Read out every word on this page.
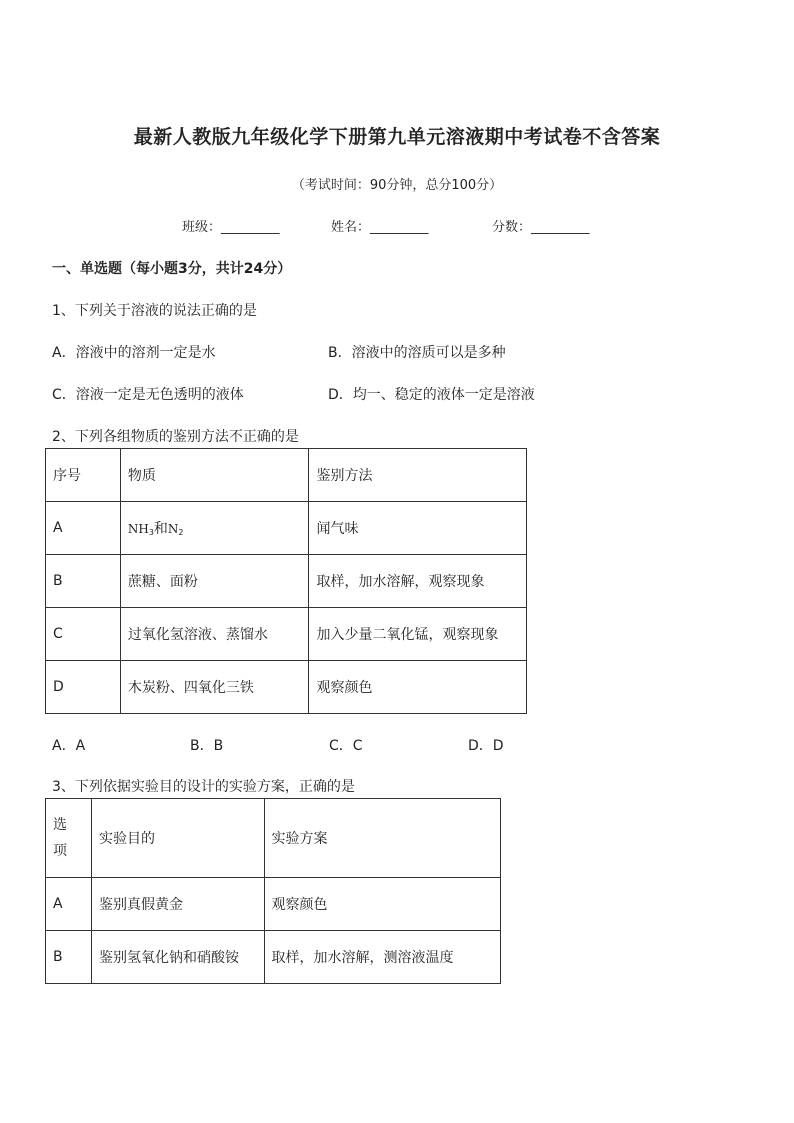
最新人教版九年级化学下册第九单元溶液期中考试卷不含答案
（考试时间：90分钟，总分100分）
班级：_________	姓名：_________	分数：_________
一、单选题（每小题3分，共计24分）
1、下列关于溶液的说法正确的是
A．溶液中的溶剂一定是水	B．溶液中的溶质可以是多种
C．溶液一定是无色透明的液体	D．均一、稳定的液体一定是溶液
2、下列各组物质的鉴别方法不正确的是
序号	物质	鉴别方法
A	$NH_3$和$N_2$	闻气味
B	蔗糖、面粉	取样，加水溶解，观察现象
C	过氧化氢溶液、蒸馏水	加入少量二氧化锰，观察现象
D	木炭粉、四氧化三铁	观察颜色
A．A	B．B	C．C	D．D
3、下列依据实验目的设计的实验方案，正确的是
选项	实验目的	实验方案
A	鉴别真假黄金	观察颜色
B	鉴别氢氧化钠和硝酸铵	取样，加水溶解，测溶液温度
